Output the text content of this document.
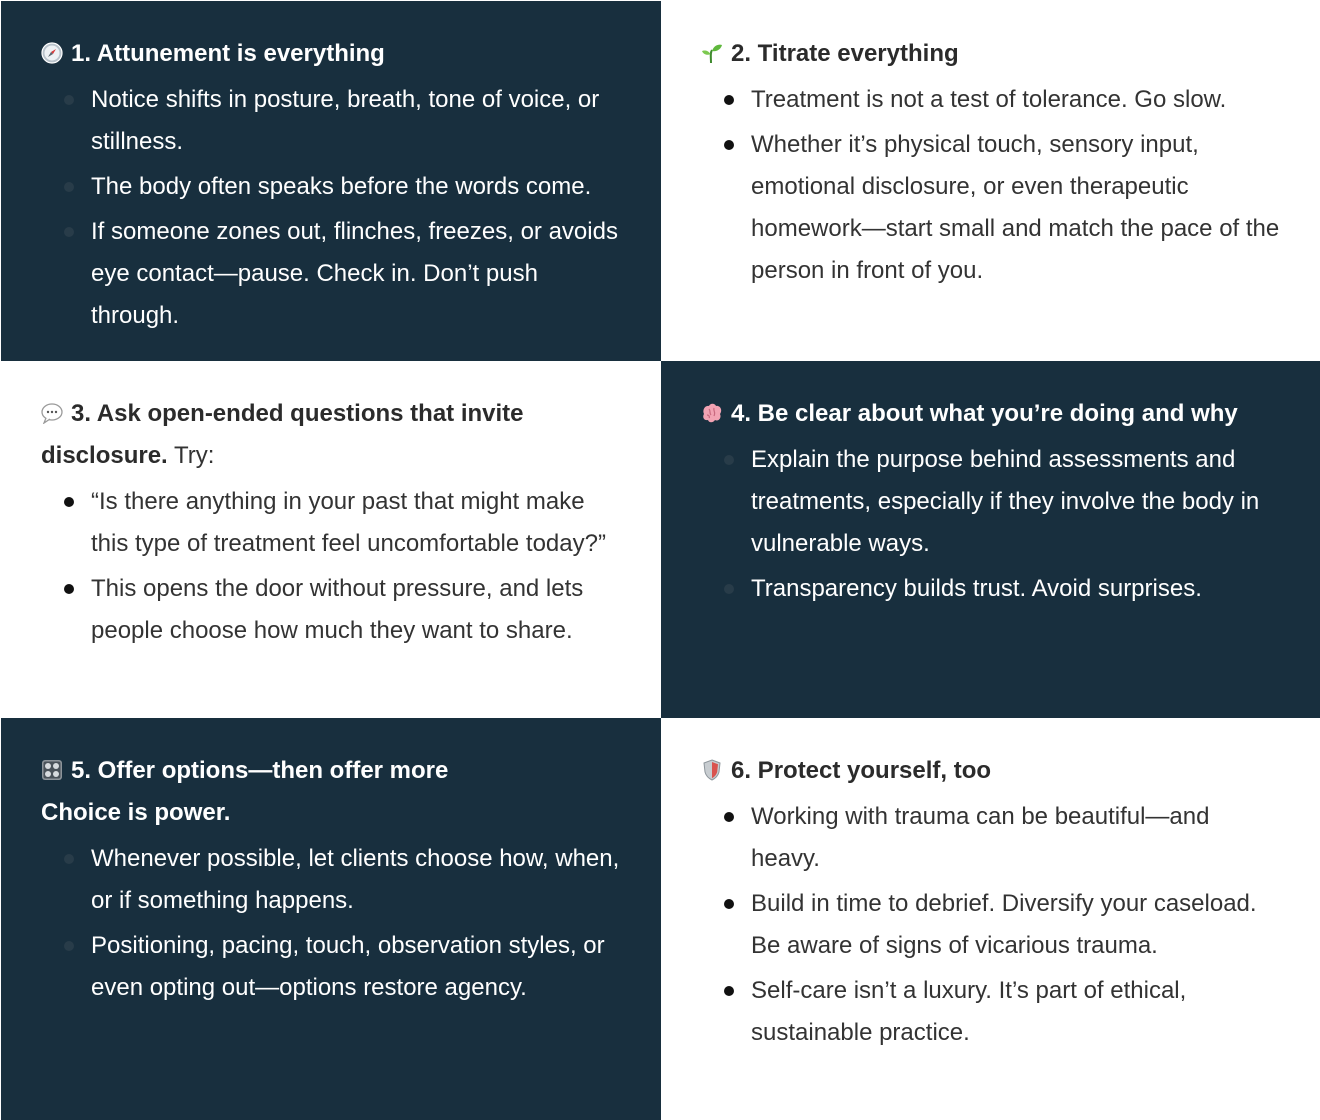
1. Attunement is everything

Notice shifts in posture, breath, tone of voice, or stillness.
The body often speaks before the words come.
If someone zones out, flinches, freezes, or avoids eye contact—pause. Check in. Don’t push through.

2. Titrate everything

Treatment is not a test of tolerance. Go slow.
Whether it’s physical touch, sensory input, emotional disclosure, or even therapeutic homework—start small and match the pace of the person in front of you.

3. Ask open-ended questions that invite disclosure. Try:

“Is there anything in your past that might make this type of treatment feel uncomfortable today?”
This opens the door without pressure, and lets people choose how much they want to share.

4. Be clear about what you’re doing and why

Explain the purpose behind assessments and treatments, especially if they involve the body in vulnerable ways.
Transparency builds trust. Avoid surprises.

5. Offer options—then offer more

Choice is power.

Whenever possible, let clients choose how, when, or if something happens.
Positioning, pacing, touch, observation styles, or even opting out—options restore agency.

6. Protect yourself, too

Working with trauma can be beautiful—and heavy.
Build in time to debrief. Diversify your caseload. Be aware of signs of vicarious trauma.
Self-care isn’t a luxury. It’s part of ethical, sustainable practice.
